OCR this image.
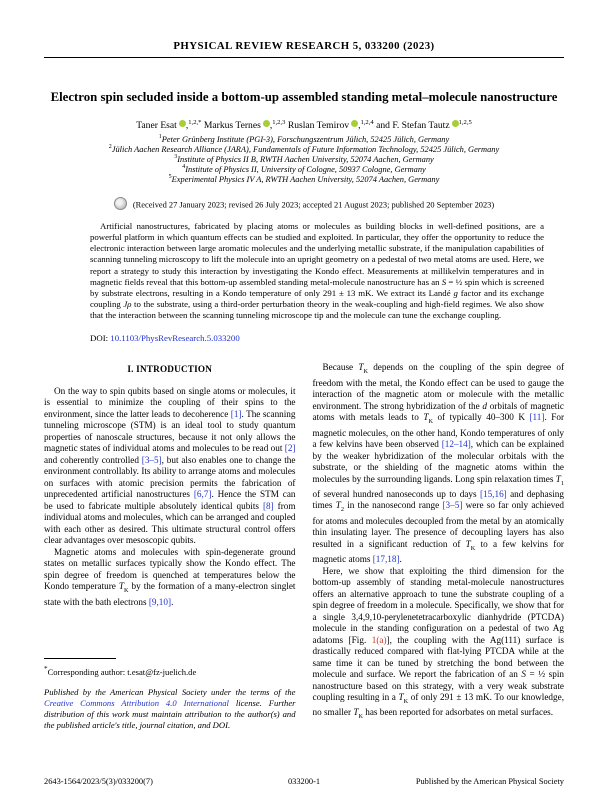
PHYSICAL REVIEW RESEARCH 5, 033200 (2023)
Electron spin secluded inside a bottom-up assembled standing metal–molecule nanostructure
Taner Esat ,$^{1,2,*}$ Markus Ternes ,$^{1,2,3}$ Ruslan Temirov ,$^{1,2,4}$ and F. Stefan Tautz $^{1,2,5}$
$^1$Peter Grünberg Institute (PGI-3), Forschungszentrum Jülich, 52425 Jülich, Germany
$^2$Jülich Aachen Research Alliance (JARA), Fundamentals of Future Information Technology, 52425 Jülich, Germany
$^3$Institute of Physics II B, RWTH Aachen University, 52074 Aachen, Germany
$^4$Institute of Physics II, University of Cologne, 50937 Cologne, Germany
$^5$Experimental Physics IV A, RWTH Aachen University, 52074 Aachen, Germany
(Received 27 January 2023; revised 26 July 2023; accepted 21 August 2023; published 20 September 2023)

Artificial nanostructures, fabricated by placing atoms or molecules as building blocks in well-defined positions, are a powerful platform in which quantum effects can be studied and exploited. In particular, they offer the opportunity to reduce the electronic interaction between large aromatic molecules and the underlying metallic substrate, if the manipulation capabilities of scanning tunneling microscopy to lift the molecule into an upright geometry on a pedestal of two metal atoms are used. Here, we report a strategy to study this interaction by investigating the Kondo effect. Measurements at millikelvin temperatures and in magnetic fields reveal that this bottom-up assembled standing metal-molecule nanostructure has an S = ½ spin which is screened by substrate electrons, resulting in a Kondo temperature of only 291 ± 13 mK. We extract its Landé g factor and its exchange coupling Jρ to the substrate, using a third-order perturbation theory in the weak-coupling and high-field regimes. We also show that the interaction between the scanning tunneling microscope tip and the molecule can tune the exchange coupling.

DOI: 10.1103/PhysRevResearch.5.033200
I. INTRODUCTION

On the way to spin qubits based on single atoms or molecules, it is essential to minimize the coupling of their spins to the environment, since the latter leads to decoherence [1]. The scanning tunneling microscope (STM) is an ideal tool to study quantum properties of nanoscale structures, because it not only allows the magnetic states of individual atoms and molecules to be read out [2] and coherently controlled [3–5], but also enables one to change the environment controllably. Its ability to arrange atoms and molecules on surfaces with atomic precision permits the fabrication of unprecedented artificial nanostructures [6,7]. Hence the STM can be used to fabricate multiple absolutely identical qubits [8] from individual atoms and molecules, which can be arranged and coupled with each other as desired. This ultimate structural control offers clear advantages over mesoscopic qubits.

Magnetic atoms and molecules with spin-degenerate ground states on metallic surfaces typically show the Kondo effect. The spin degree of freedom is quenched at temperatures below the Kondo temperature $T_K$ by the formation of a many-electron singlet state with the bath electrons [9,10].

*Corresponding author: t.esat@fz-juelich.de
Published by the American Physical Society under the terms of the Creative Commons Attribution 4.0 International license. Further distribution of this work must maintain attribution to the author(s) and the published article's title, journal citation, and DOI.

Because $T_K$ depends on the coupling of the spin degree of freedom with the metal, the Kondo effect can be used to gauge the interaction of the magnetic atom or molecule with the metallic environment. The strong hybridization of the d orbitals of magnetic atoms with metals leads to $T_K$ of typically 40–300 K [11]. For magnetic molecules, on the other hand, Kondo temperatures of only a few kelvins have been observed [12–14], which can be explained by the weaker hybridization of the molecular orbitals with the substrate, or the shielding of the magnetic atoms within the molecules by the surrounding ligands. Long spin relaxation times $T_1$ of several hundred nanoseconds up to days [15,16] and dephasing times $T_2$ in the nanosecond range [3–5] were so far only achieved for atoms and molecules decoupled from the metal by an atomically thin insulating layer. The presence of decoupling layers has also resulted in a significant reduction of $T_K$ to a few kelvins for magnetic atoms [17,18].

Here, we show that exploiting the third dimension for the bottom-up assembly of standing metal-molecule nanostructures offers an alternative approach to tune the substrate coupling of a spin degree of freedom in a molecule. Specifically, we show that for a single 3,4,9,10-perylenetetracarboxylic dianhydride (PTCDA) molecule in the standing configuration on a pedestal of two Ag adatoms [Fig. 1(a)], the coupling with the Ag(111) surface is drastically reduced compared with flat-lying PTCDA while at the same time it can be tuned by stretching the bond between the molecule and surface. We report the fabrication of an S = ½ spin nanostructure based on this strategy, with a very weak substrate coupling resulting in a $T_K$ of only 291 ± 13 mK. To our knowledge, no smaller $T_K$ has been reported for adsorbates on metal surfaces.

2643-1564/2023/5(3)/033200(7)	033200-1	Published by the American Physical Society
